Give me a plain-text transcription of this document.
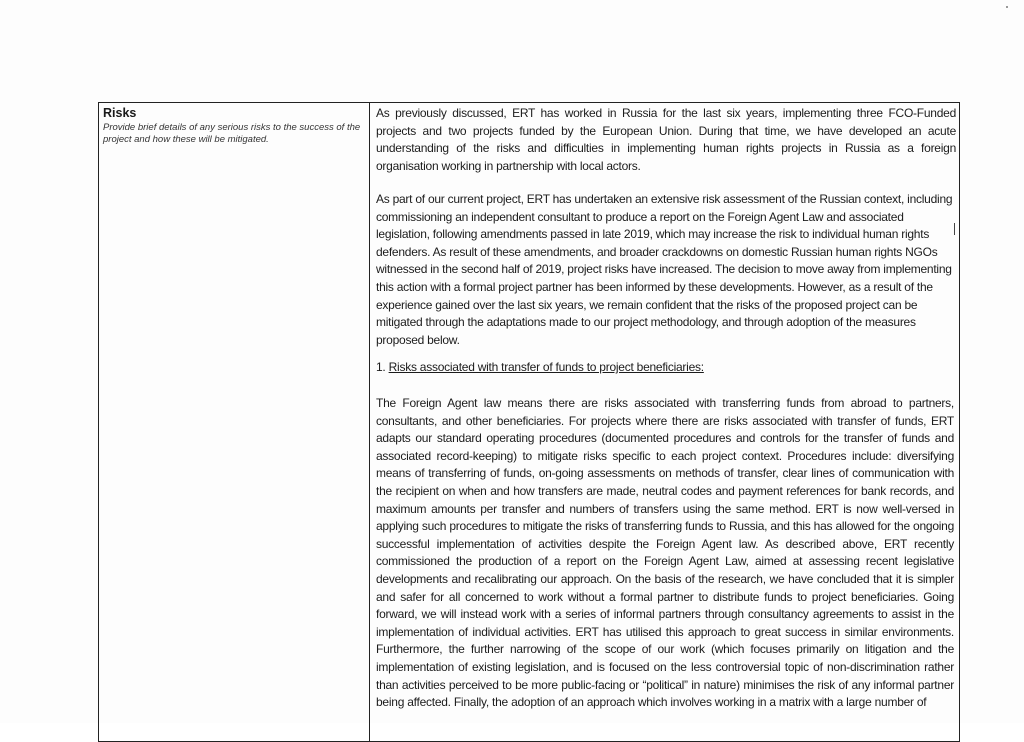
Risks
Provide brief details of any serious risks to the success of the project and how these will be mitigated.

As previously discussed, ERT has worked in Russia for the last six years, implementing three FCO-Funded projects and two projects funded by the European Union. During that time, we have developed an acute understanding of the risks and difficulties in implementing human rights projects in Russia as a foreign organisation working in partnership with local actors.

As part of our current project, ERT has undertaken an extensive risk assessment of the Russian context, including commissioning an independent consultant to produce a report on the Foreign Agent Law and associated legislation, following amendments passed in late 2019, which may increase the risk to individual human rights defenders. As result of these amendments, and broader crackdowns on domestic Russian human rights NGOs witnessed in the second half of 2019, project risks have increased. The decision to move away from implementing this action with a formal project partner has been informed by these developments. However, as a result of the experience gained over the last six years, we remain confident that the risks of the proposed project can be mitigated through the adaptations made to our project methodology, and through adoption of the measures proposed below.

1. Risks associated with transfer of funds to project beneficiaries:

The Foreign Agent law means there are risks associated with transferring funds from abroad to partners, consultants, and other beneficiaries. For projects where there are risks associated with transfer of funds, ERT adapts our standard operating procedures (documented procedures and controls for the transfer of funds and associated record-keeping) to mitigate risks specific to each project context. Procedures include: diversifying means of transferring of funds, on-going assessments on methods of transfer, clear lines of communication with the recipient on when and how transfers are made, neutral codes and payment references for bank records, and maximum amounts per transfer and numbers of transfers using the same method. ERT is now well-versed in applying such procedures to mitigate the risks of transferring funds to Russia, and this has allowed for the ongoing successful implementation of activities despite the Foreign Agent law. As described above, ERT recently commissioned the production of a report on the Foreign Agent Law, aimed at assessing recent legislative developments and recalibrating our approach. On the basis of the research, we have concluded that it is simpler and safer for all concerned to work without a formal partner to distribute funds to project beneficiaries. Going forward, we will instead work with a series of informal partners through consultancy agreements to assist in the implementation of individual activities. ERT has utilised this approach to great success in similar environments. Furthermore, the further narrowing of the scope of our work (which focuses primarily on litigation and the implementation of existing legislation, and is focused on the less controversial topic of non-discrimination rather than activities perceived to be more public-facing or “political” in nature) minimises the risk of any informal partner being affected. Finally, the adoption of an approach which involves working in a matrix with a large number of
